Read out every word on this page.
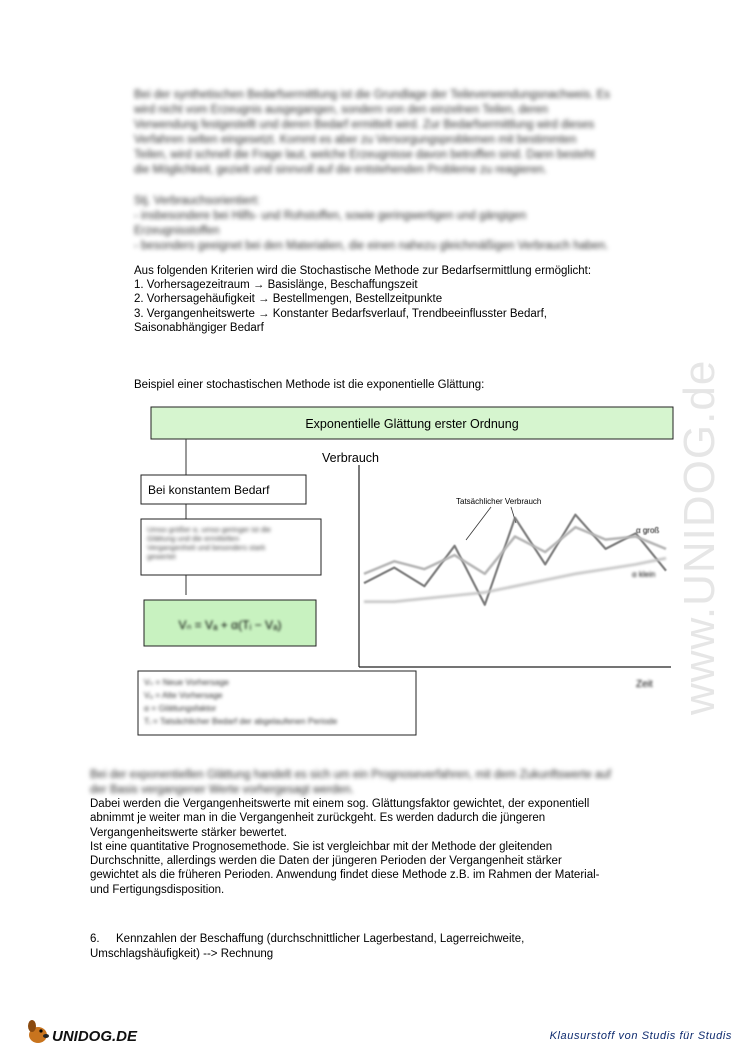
Bei der synthetischen Bedarfsermittlung ist die Grundlage der Teileverwendungsnachweis. Es
wird nicht vom Erzeugnis ausgegangen, sondern von den einzelnen Teilen, deren
Verwendung festgestellt und deren Bedarf ermittelt wird. Zur Bedarfsermittlung wird dieses
Verfahren selten eingesetzt. Kommt es aber zu Versorgungsproblemen mit bestimmten
Teilen, wird schnell die Frage laut, welche Erzeugnisse davon betroffen sind. Dann besteht
die Möglichkeit, gezielt und sinnvoll auf die entstehenden Probleme zu reagieren.
Stj. Verbrauchsorientiert:
- insbesondere bei Hilfs- und Rohstoffen, sowie geringwertigen und gängigen
Erzeugnisstoffen
- besonders geeignet bei den Materialien, die einen nahezu gleichmäßigen Verbrauch haben.
Aus folgenden Kriterien wird die Stochastische Methode zur Bedarfsermittlung ermöglicht:
1. Vorhersagezeitraum → Basislänge, Beschaffungszeit
2. Vorhersagehäufigkeit → Bestellmengen, Bestellzeitpunkte
3. Vergangenheitswerte → Konstanter Bedarfsverlauf, Trendbeeinflusster Bedarf,
Saisonabhängiger Bedarf
Beispiel einer stochastischen Methode ist die exponentielle Glättung:
Exponentielle Glättung erster Ordnung
Bei konstantem Bedarf
Umso größer α, umso geringer ist die
Glättung und die ermittelten
Vergangenheit und besonders stark
gewertet
Vₙ = Vₐ + α(Tᵢ − Vₐ)
Vₙ = Neue Vorhersage
Vₐ = Alte Vorhersage
α = Glättungsfaktor
Tᵢ = Tatsächlicher Bedarf der abgelaufenen Periode
Verbrauch
Zeit
Tatsächlicher Verbrauch
α groß
α klein
Bei der exponentiellen Glättung handelt es sich um ein Prognoseverfahren, mit dem Zukunftswerte auf
der Basis vergangener Werte vorhergesagt werden.
Dabei werden die Vergangenheitswerte mit einem sog. Glättungsfaktor gewichtet, der exponentiell
abnimmt je weiter man in die Vergangenheit zurückgeht. Es werden dadurch die jüngeren
Vergangenheitswerte stärker bewertet.
Ist eine quantitative Prognosemethode. Sie ist vergleichbar mit der Methode der gleitenden
Durchschnitte, allerdings werden die Daten der jüngeren Perioden der Vergangenheit stärker
gewichtet als die früheren Perioden. Anwendung findet diese Methode z.B. im Rahmen der Material-
und Fertigungsdisposition.
6. Kennzahlen der Beschaffung (durchschnittlicher Lagerbestand, Lagerreichweite,
Umschlagshäufigkeit) --> Rechnung
www.UNIDOG.de
UNIDOG.DE	Klausurstoff von Studis für Studis
